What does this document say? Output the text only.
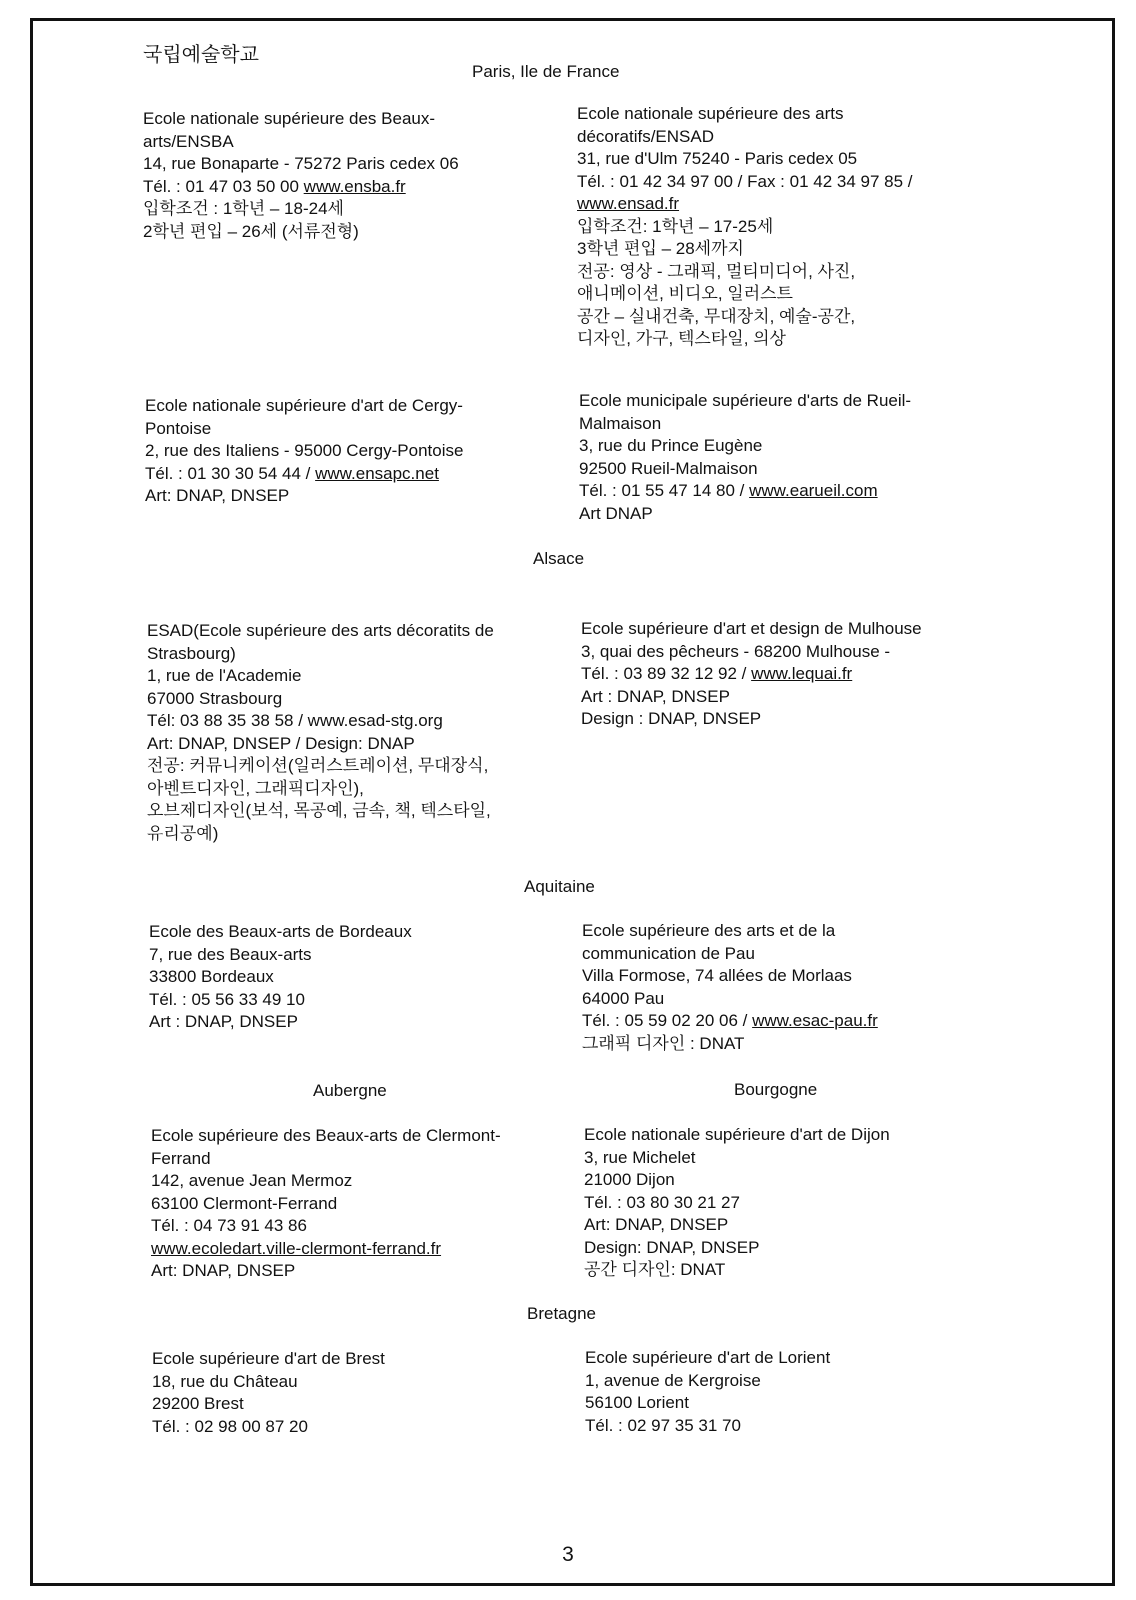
국립예술학교
Paris, Ile de France
Ecole nationale supérieure des Beaux-
arts/ENSBA
14, rue Bonaparte - 75272 Paris cedex 06
Tél. : 01 47 03 50 00 www.ensba.fr
입학조건 : 1학년 – 18-24세
2학년 편입 – 26세 (서류전형)
Ecole nationale supérieure des arts
décoratifs/ENSAD
31, rue d'Ulm 75240 - Paris cedex 05
Tél. : 01 42 34 97 00 / Fax : 01 42 34 97 85 /
www.ensad.fr
입학조건: 1학년 – 17-25세
3학년 편입 – 28세까지
전공: 영상 - 그래픽, 멀티미디어, 사진,
애니메이션, 비디오, 일러스트
공간 – 실내건축, 무대장치, 예술-공간,
디자인, 가구, 텍스타일, 의상
Ecole nationale supérieure d'art de Cergy-
Pontoise
2, rue des Italiens - 95000 Cergy-Pontoise
Tél. : 01 30 30 54 44 / www.ensapc.net
Art: DNAP, DNSEP
Ecole municipale supérieure d'arts de Rueil-
Malmaison
3, rue du Prince Eugène
92500 Rueil-Malmaison
Tél. : 01 55 47 14 80 / www.earueil.com
Art DNAP
Alsace
ESAD(Ecole supérieure des arts décoratits de
Strasbourg)
1, rue de l'Academie
67000 Strasbourg
Tél: 03 88 35 38 58 / www.esad-stg.org
Art: DNAP, DNSEP / Design: DNAP
전공: 커뮤니케이션(일러스트레이션, 무대장식,
아벤트디자인, 그래픽디자인),
오브제디자인(보석, 목공예, 금속, 책, 텍스타일,
유리공예)
Ecole supérieure d'art et design de Mulhouse
3, quai des pêcheurs - 68200 Mulhouse -
Tél. : 03 89 32 12 92 / www.lequai.fr
Art : DNAP, DNSEP
Design : DNAP, DNSEP
Aquitaine
Ecole des Beaux-arts de Bordeaux
7, rue des Beaux-arts
33800 Bordeaux
Tél. : 05 56 33 49 10
Art : DNAP, DNSEP
Ecole supérieure des arts et de la
communication de Pau
Villa Formose, 74 allées de Morlaas
64000 Pau
Tél. : 05 59 02 20 06 / www.esac-pau.fr
그래픽 디자인 : DNAT
Aubergne	Bourgogne
Ecole supérieure des Beaux-arts de Clermont-
Ferrand
142, avenue Jean Mermoz
63100 Clermont-Ferrand
Tél. : 04 73 91 43 86
www.ecoledart.ville-clermont-ferrand.fr
Art: DNAP, DNSEP
Ecole nationale supérieure d'art de Dijon
3, rue Michelet
21000 Dijon
Tél. : 03 80 30 21 27
Art: DNAP, DNSEP
Design: DNAP, DNSEP
공간 디자인: DNAT
Bretagne
Ecole supérieure d'art de Brest
18, rue du Château
29200 Brest
Tél. : 02 98 00 87 20
Ecole supérieure d'art de Lorient
1, avenue de Kergroise
56100 Lorient
Tél. : 02 97 35 31 70
3
